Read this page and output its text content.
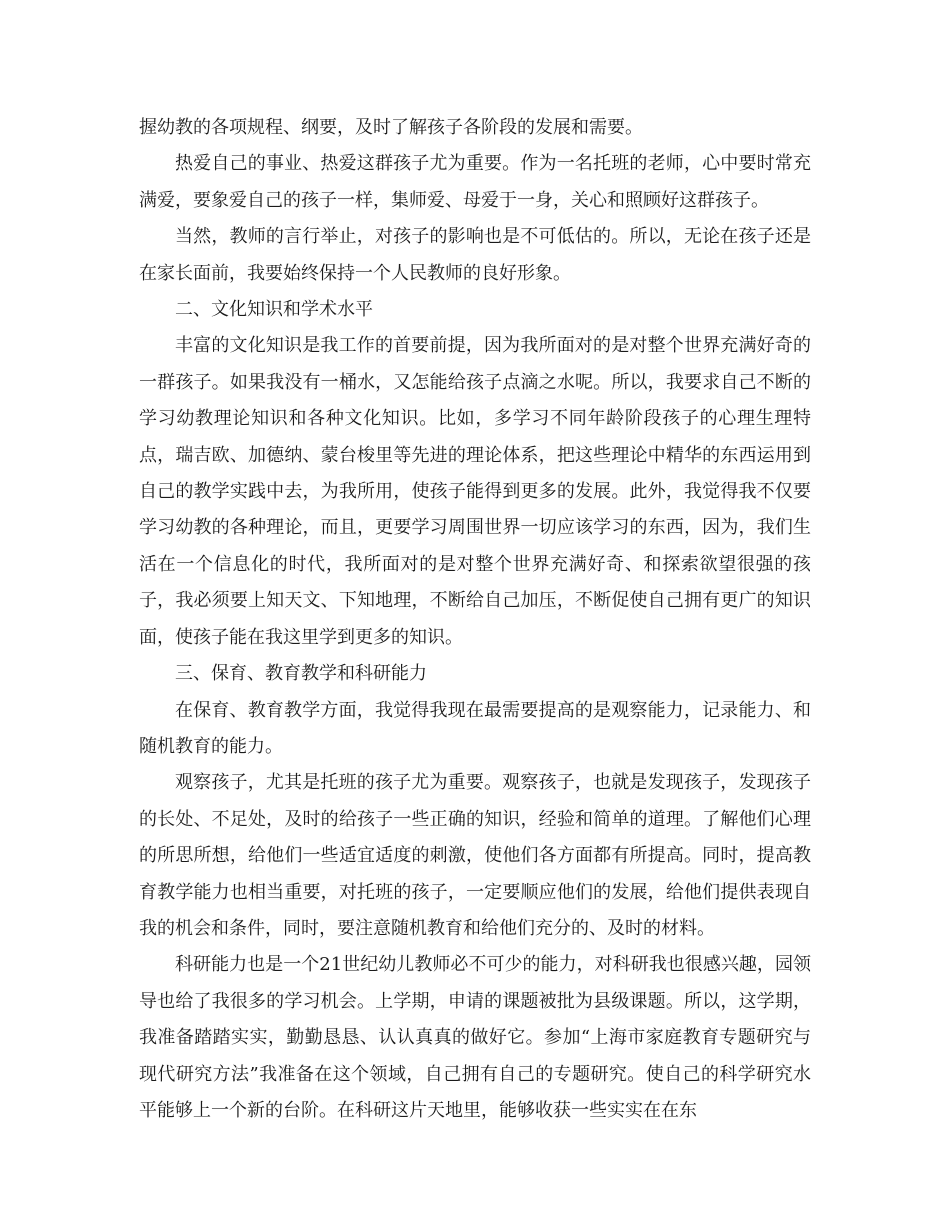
握幼教的各项规程、纲要，及时了解孩子各阶段的发展和需要。

热爱自己的事业、热爱这群孩子尤为重要。作为一名托班的老师，心中要时常充满爱，要象爱自己的孩子一样，集师爱、母爱于一身，关心和照顾好这群孩子。

当然，教师的言行举止，对孩子的影响也是不可低估的。所以，无论在孩子还是在家长面前，我要始终保持一个人民教师的良好形象。

二、文化知识和学术水平

丰富的文化知识是我工作的首要前提，因为我所面对的是对整个世界充满好奇的一群孩子。如果我没有一桶水，又怎能给孩子点滴之水呢。所以，我要求自己不断的学习幼教理论知识和各种文化知识。比如，多学习不同年龄阶段孩子的心理生理特点，瑞吉欧、加德纳、蒙台梭里等先进的理论体系，把这些理论中精华的东西运用到自己的教学实践中去，为我所用，使孩子能得到更多的发展。此外，我觉得我不仅要学习幼教的各种理论，而且，更要学习周围世界一切应该学习的东西，因为，我们生活在一个信息化的时代，我所面对的是对整个世界充满好奇、和探索欲望很强的孩子，我必须要上知天文、下知地理，不断给自己加压，不断促使自己拥有更广的知识面，使孩子能在我这里学到更多的知识。

三、保育、教育教学和科研能力

在保育、教育教学方面，我觉得我现在最需要提高的是观察能力，记录能力、和随机教育的能力。

观察孩子，尤其是托班的孩子尤为重要。观察孩子，也就是发现孩子，发现孩子的长处、不足处，及时的给孩子一些正确的知识，经验和简单的道理。了解他们心理的所思所想，给他们一些适宜适度的刺激，使他们各方面都有所提高。同时，提高教育教学能力也相当重要，对托班的孩子，一定要顺应他们的发展，给他们提供表现自我的机会和条件，同时，要注意随机教育和给他们充分的、及时的材料。

科研能力也是一个21世纪幼儿教师必不可少的能力，对科研我也很感兴趣，园领导也给了我很多的学习机会。上学期，申请的课题被批为县级课题。所以，这学期，我准备踏踏实实，勤勤恳恳、认认真真的做好它。参加“上海市家庭教育专题研究与现代研究方法”我准备在这个领域，自己拥有自己的专题研究。使自己的科学研究水平能够上一个新的台阶。在科研这片天地里，能够收获一些实实在在东
